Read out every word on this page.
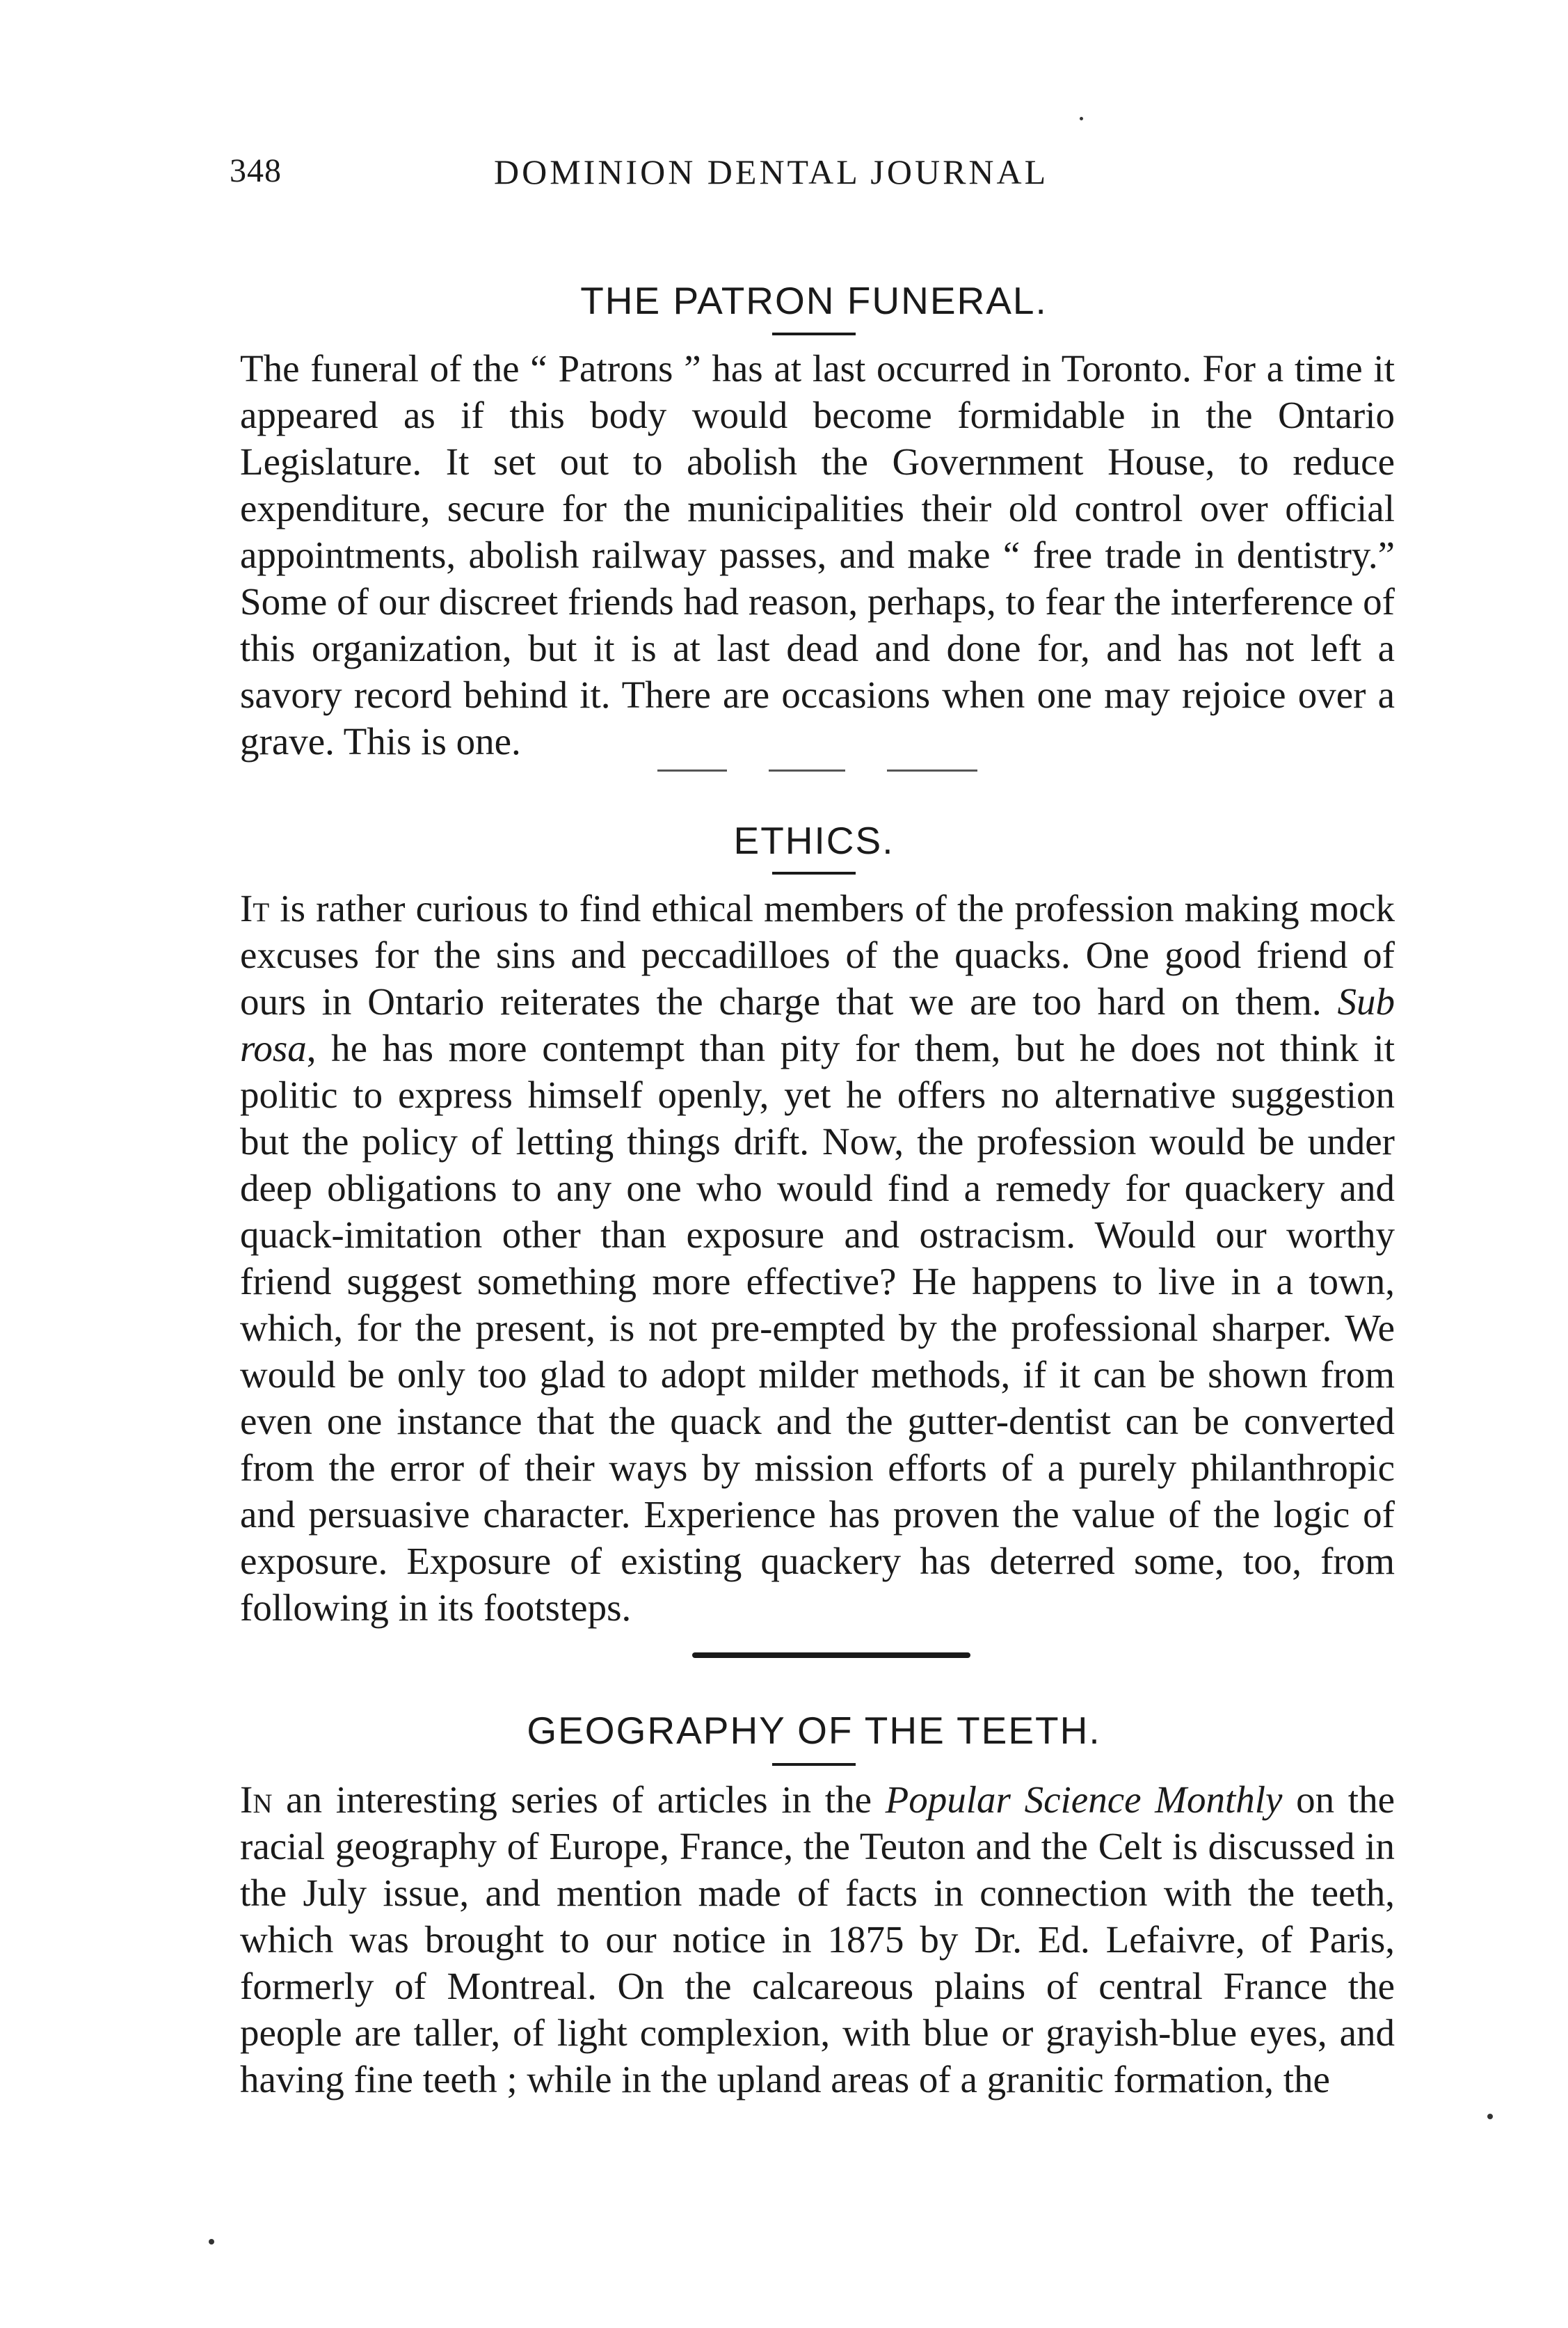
348	DOMINION DENTAL JOURNAL
THE PATRON FUNERAL.

The funeral of the “ Patrons ” has at last occurred in Toronto. For a time it appeared as if this body would become formidable in the Ontario Legislature. It set out to abolish the Government House, to reduce expenditure, secure for the municipalities their old control over official appointments, abolish railway passes, and make “ free trade in dentistry.” Some of our discreet friends had reason, perhaps, to fear the interference of this organization, but it is at last dead and done for, and has not left a savory record behind it. There are occasions when one may rejoice over a grave. This is one.

ETHICS.

It is rather curious to find ethical members of the profession making mock excuses for the sins and peccadilloes of the quacks. One good friend of ours in Ontario reiterates the charge that we are too hard on them. Sub rosa, he has more contempt than pity for them, but he does not think it politic to express himself openly, yet he offers no alternative suggestion but the policy of letting things drift. Now, the profession would be under deep obligations to any one who would find a remedy for quackery and quack-imitation other than exposure and ostracism. Would our worthy friend suggest something more effective? He happens to live in a town, which, for the present, is not pre-empted by the professional sharper. We would be only too glad to adopt milder methods, if it can be shown from even one instance that the quack and the gutter-dentist can be converted from the error of their ways by mission efforts of a purely philanthropic and persuasive character. Experience has proven the value of the logic of exposure. Exposure of existing quackery has deterred some, too, from following in its footsteps.

GEOGRAPHY OF THE TEETH.

In an interesting series of articles in the Popular Science Monthly on the racial geography of Europe, France, the Teuton and the Celt is discussed in the July issue, and mention made of facts in connection with the teeth, which was brought to our notice in 1875 by Dr. Ed. Lefaivre, of Paris, formerly of Montreal. On the calcareous plains of central France the people are taller, of light complexion, with blue or grayish-blue eyes, and having fine teeth ; while in the upland areas of a granitic formation, the
